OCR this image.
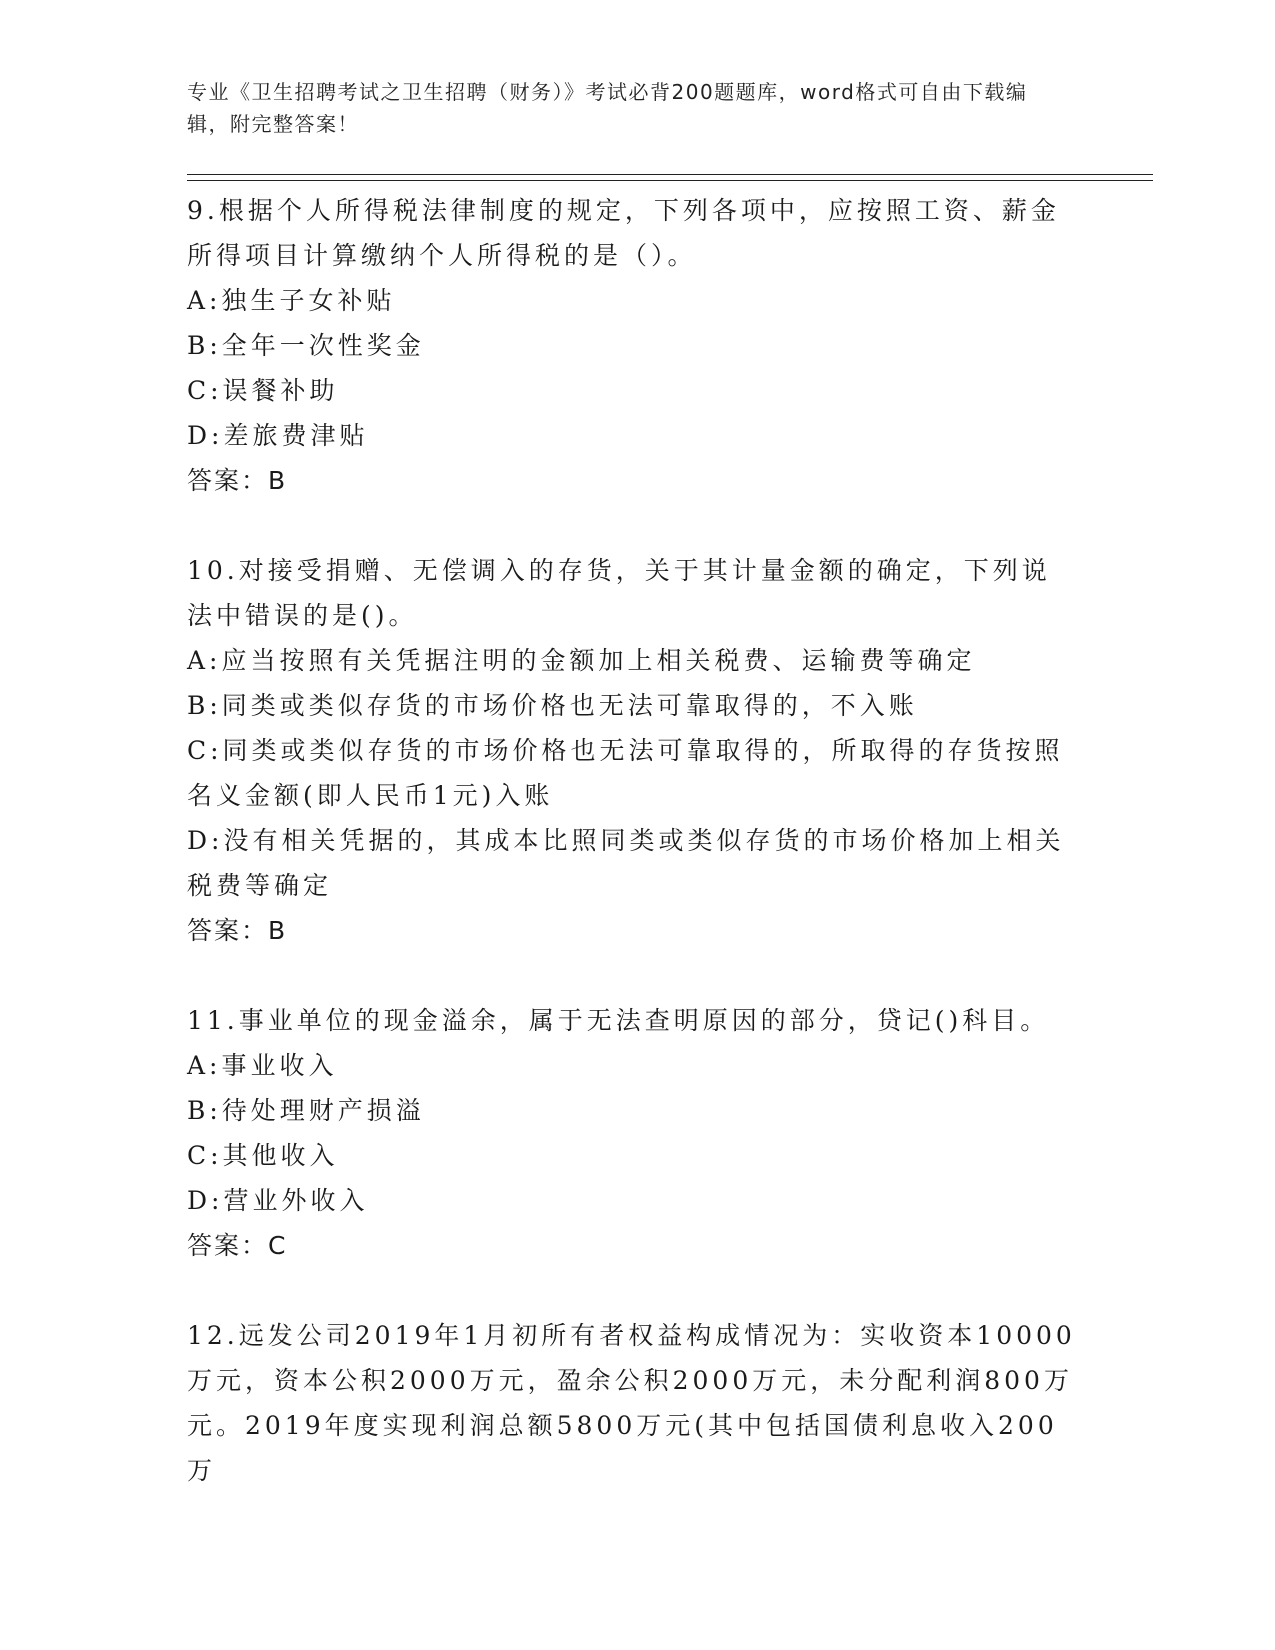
专业《卫生招聘考试之卫生招聘（财务）》考试必背200题题库，word格式可自由下载编辑，附完整答案！

9.根据个人所得税法律制度的规定，下列各项中，应按照工资、薪金所得项目计算缴纳个人所得税的是（）。

A:独生子女补贴

B:全年一次性奖金

C:误餐补助

D:差旅费津贴

答案：B

10.对接受捐赠、无偿调入的存货，关于其计量金额的确定，下列说法中错误的是()。

A:应当按照有关凭据注明的金额加上相关税费、运输费等确定

B:同类或类似存货的市场价格也无法可靠取得的，不入账

C:同类或类似存货的市场价格也无法可靠取得的，所取得的存货按照名义金额(即人民币1元)入账

D:没有相关凭据的，其成本比照同类或类似存货的市场价格加上相关税费等确定

答案：B

11.事业单位的现金溢余，属于无法查明原因的部分，贷记()科目。

A:事业收入

B:待处理财产损溢

C:其他收入

D:营业外收入

答案：C

12.远发公司2019年1月初所有者权益构成情况为：实收资本10000万元，资本公积2000万元，盈余公积2000万元，未分配利润800万元。2019年度实现利润总额5800万元(其中包括国债利息收入200万
